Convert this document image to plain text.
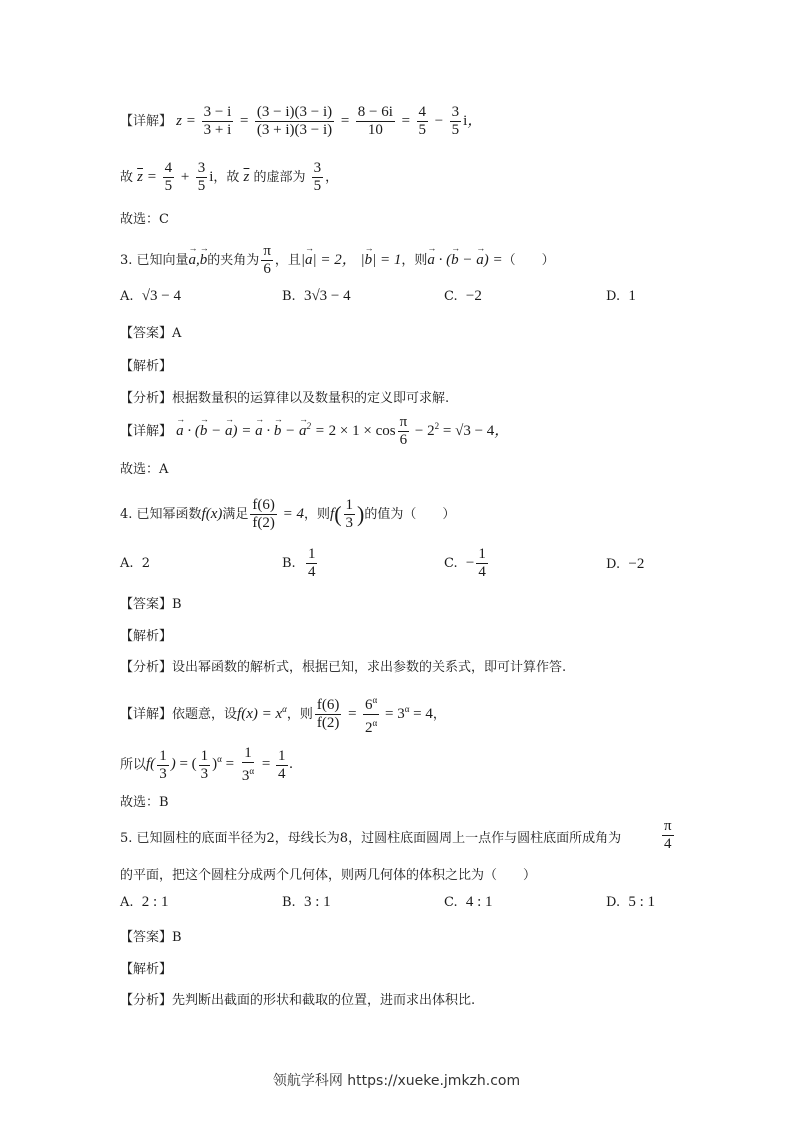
【详解】 $z = \frac{3 - i}{3 + i} = \frac{(3 - i)(3 - i)}{(3 + i)(3 - i)} = \frac{8 - 6i}{10} = \frac{4}{5} - \frac{3}{5}$ i，
故 $\overline{z} = \frac{4}{5} + \frac{3}{5}$ i，故 $\overline{z}$ 的虚部为 $\frac{3}{5}$ ，
故选：C
3. 已知向量→ a,→ b的夹角为 $\frac{\pi}{6}$ ，且|→ a| = 2， |→ b| = 1，则→ a · (→ b − → a) =（　　）
A. √3 − 4	B. 3√3 − 4	C. −2	D. 1
【答案】A
【解析】
【分析】根据数量积的运算律以及数量积的定义即可求解.
【详解】 → a · (→ b − → a) = → a · → b − → $a^2 = 2 \times 1 \times \cos \frac{\pi}{6} - 2^2 = √3 - 4$，
故选：A
4. 已知幂函数f(x)满足 $\frac{f(6)}{f(2)} = 4$，则$f( \frac{1}{3}$ )的值为（　　）
A. 2	B. $\frac{1}{4}$	C. − $\frac{1}{4}$	D. −2
【答案】B
【解析】
【分析】设出幂函数的解析式，根据已知，求出参数的关系式，即可计算作答.
【详解】依题意，设$f(x) = x^\alpha$，则 $\frac{f(6)}{f(2)} = \frac{6^\alpha}{2^\alpha} = 3^\alpha = 4$，
所以$f( \frac{1}{3}$ ) = ( $\frac{1}{3} )^\alpha = \frac{1}{3^\alpha} = \frac{1}{4}$ .
故选：B
5. 已知圆柱的底面半径为2，母线长为8，过圆柱底面圆周上一点作与圆柱底面所成角为	$\frac{\pi}{4}$
的平面，把这个圆柱分成两个几何体，则两几何体的体积之比为（　　）
A. 2 : 1	B. 3 : 1	C. 4 : 1	D. 5 : 1
【答案】B
【解析】
【分析】先判断出截面的形状和截取的位置，进而求出体积比.
领航学科网 https://xueke.jmkzh.com
